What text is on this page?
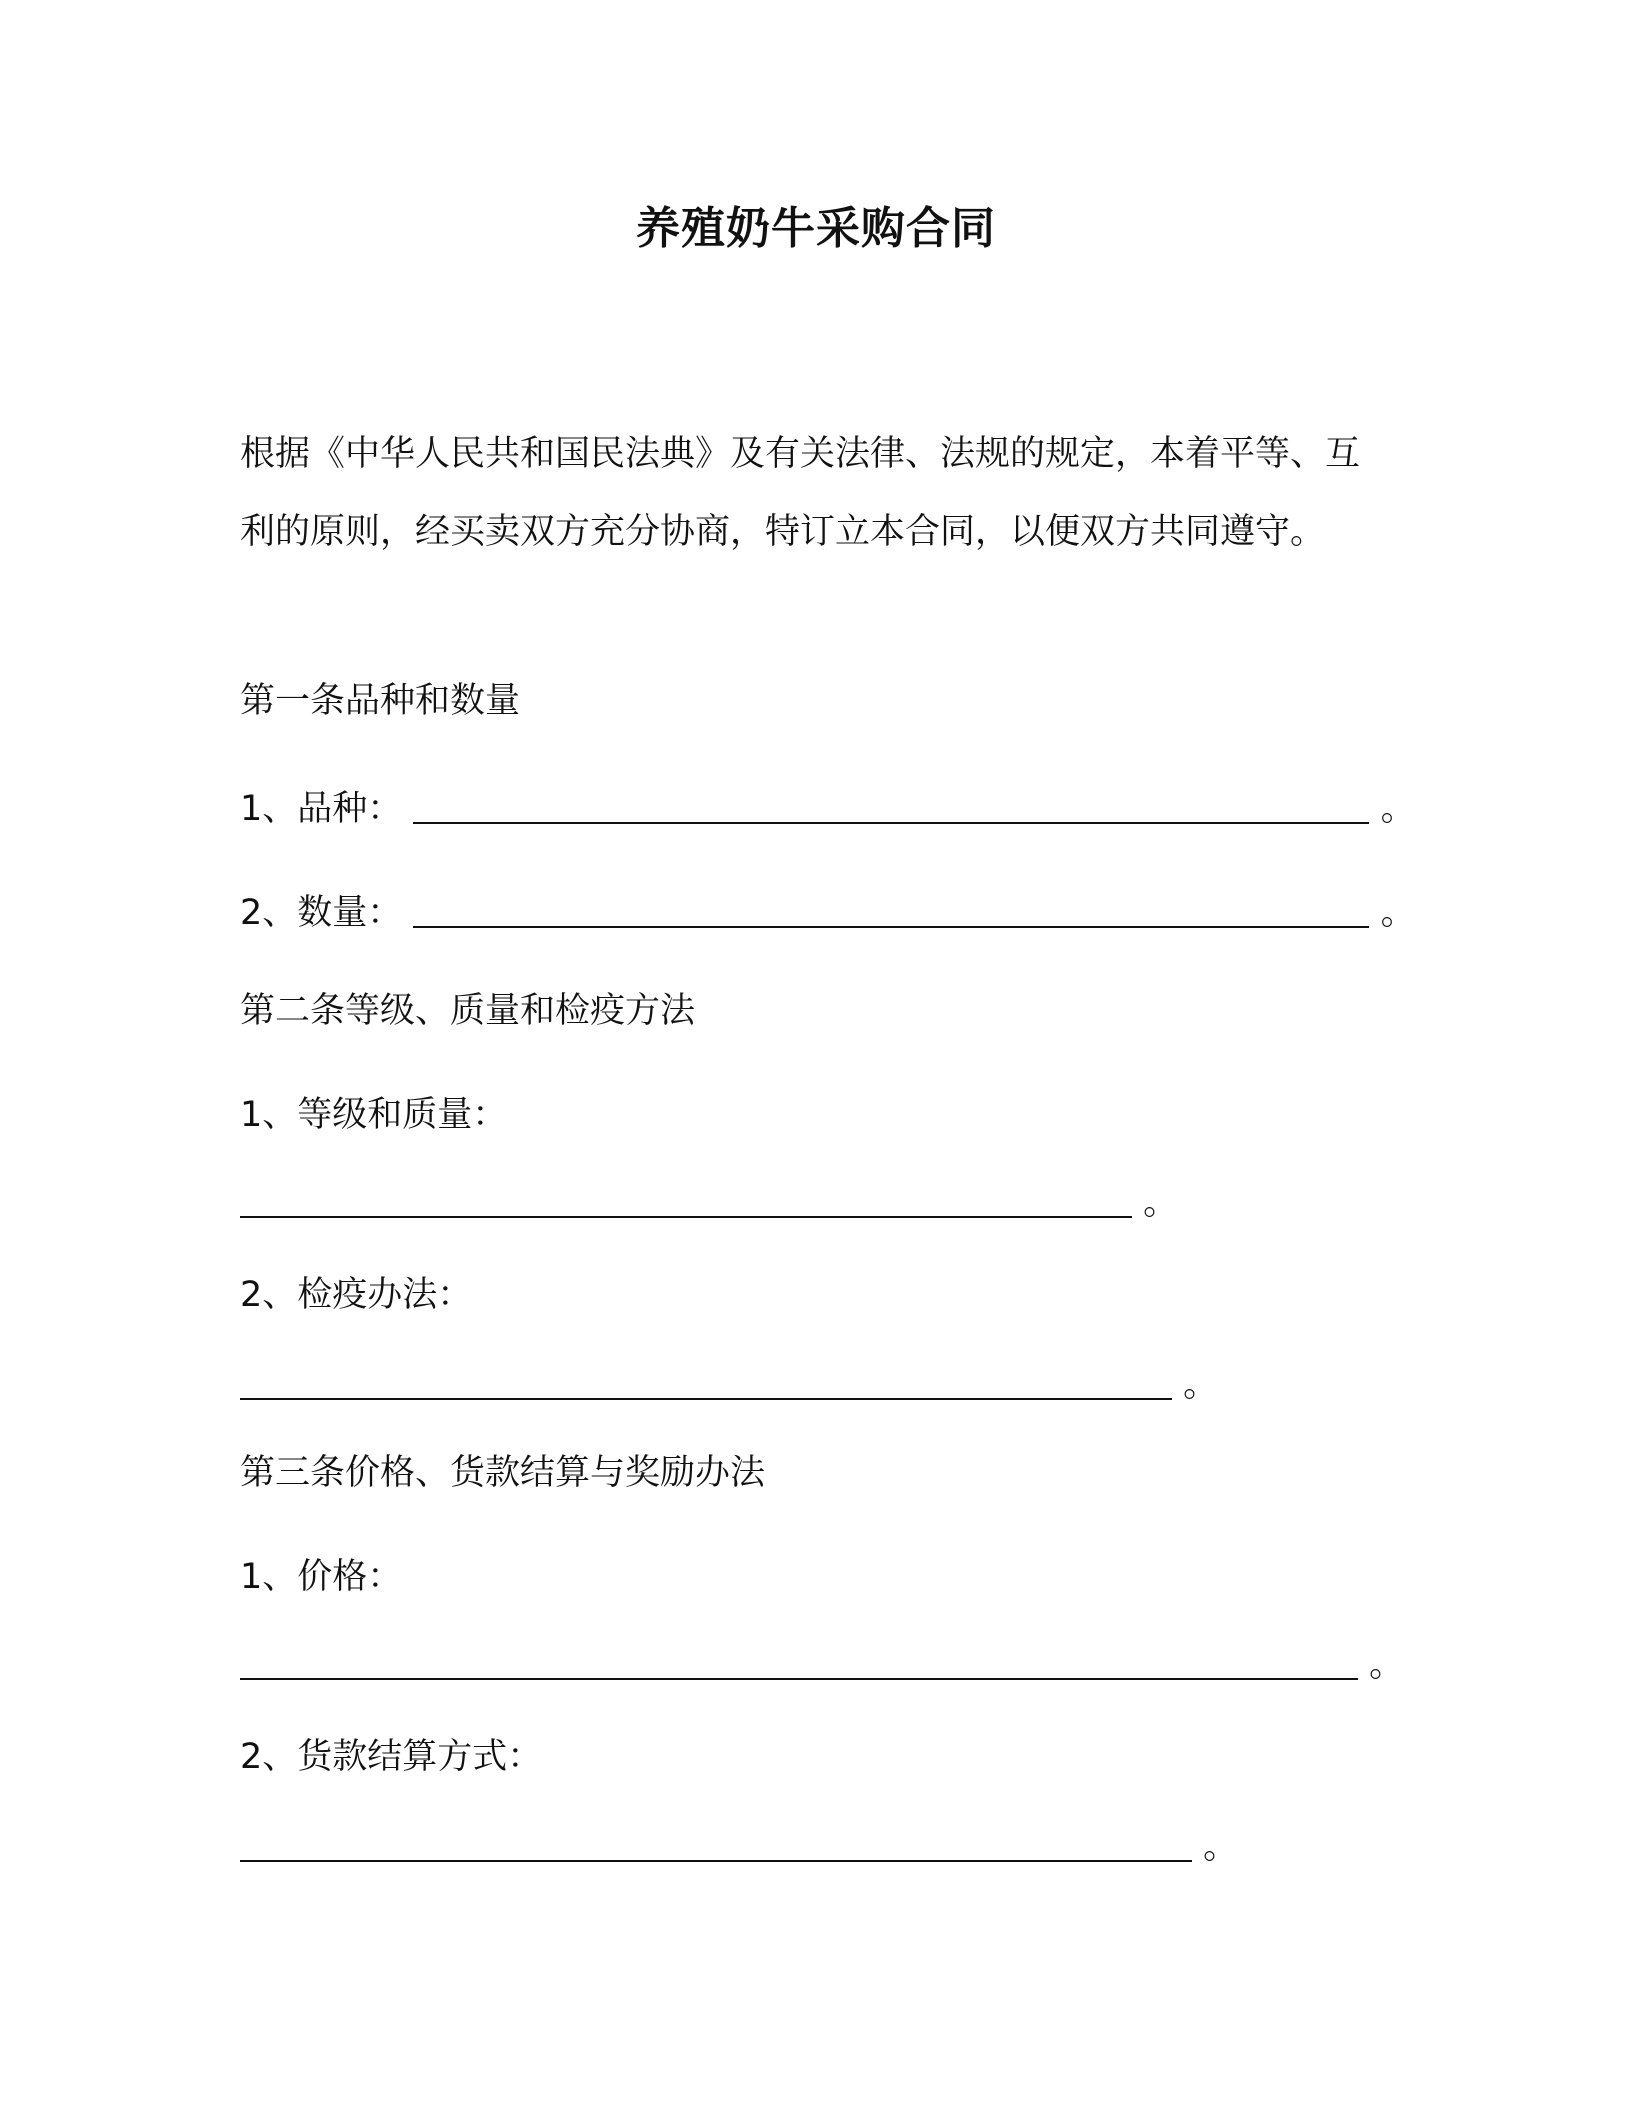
养殖奶牛采购合同

根据《中华人民共和国民法典》及有关法律、法规的规定，本着平等、互利的原则，经买卖双方充分协商，特订立本合同，以便双方共同遵守。

第一条品种和数量

1、品种：	。
2、数量：	。

第二条等级、质量和检疫方法

1、等级和质量：

。

2、检疫办法：

。

第三条价格、货款结算与奖励办法

1、价格：

。

2、货款结算方式：

。
